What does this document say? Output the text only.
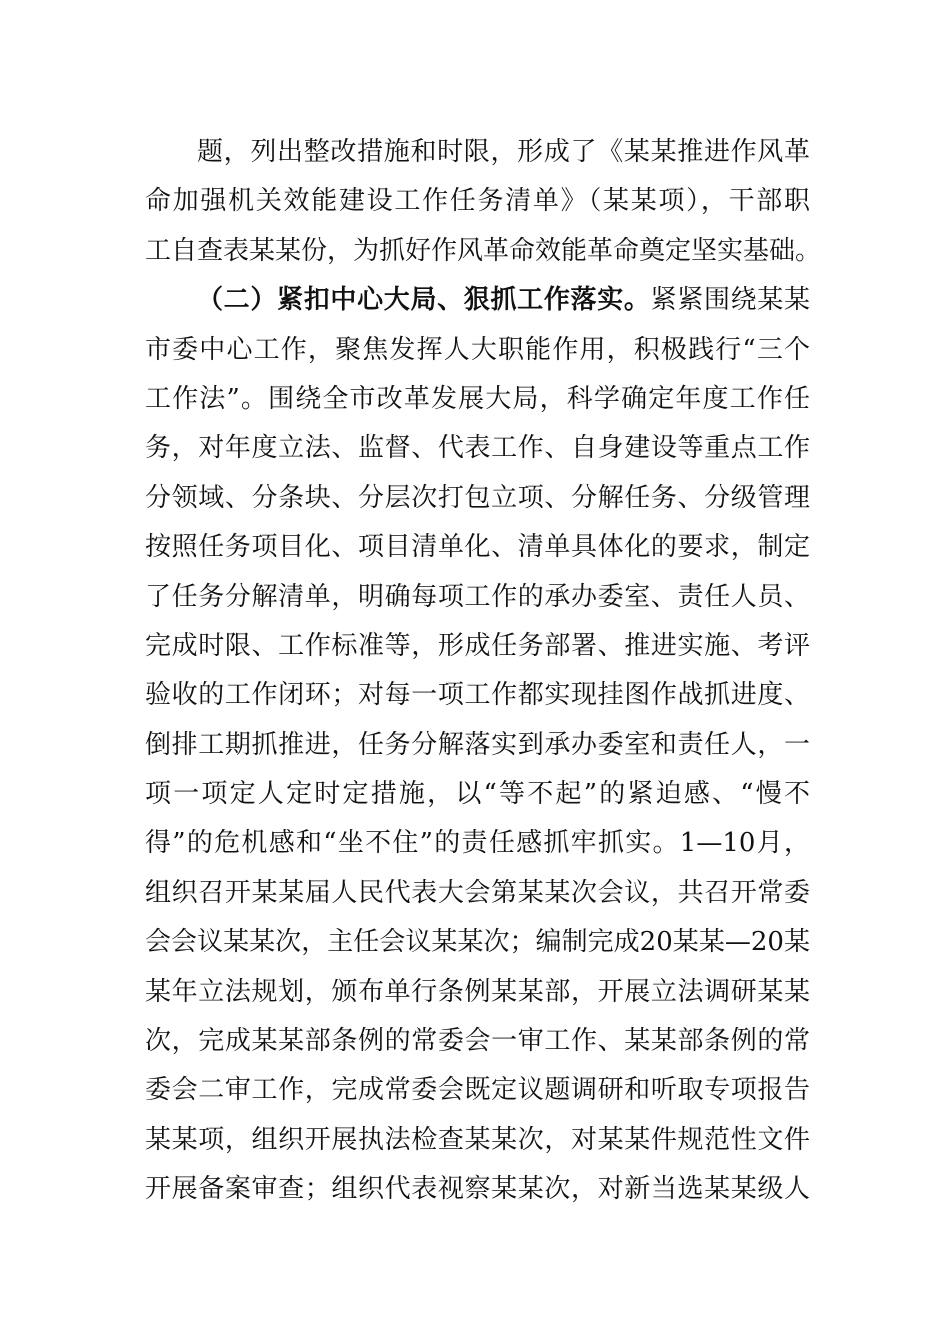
题，列出整改措施和时限，形成了《某某推进作风革
命加强机关效能建设工作任务清单》（某某项），干部职
工自查表某某份，为抓好作风革命效能革命奠定坚实基础。
（二）紧扣中心大局、狠抓工作落实。紧紧围绕某某
市委中心工作，聚焦发挥人大职能作用，积极践行“三个
工作法”。围绕全市改革发展大局，科学确定年度工作任
务，对年度立法、监督、代表工作、自身建设等重点工作
分领域、分条块、分层次打包立项、分解任务、分级管理
按照任务项目化、项目清单化、清单具体化的要求，制定
了任务分解清单，明确每项工作的承办委室、责任人员、
完成时限、工作标准等，形成任务部署、推进实施、考评
验收的工作闭环；对每一项工作都实现挂图作战抓进度、
倒排工期抓推进，任务分解落实到承办委室和责任人，一
项一项定人定时定措施，以“等不起”的紧迫感、“慢不
得”的危机感和“坐不住”的责任感抓牢抓实。1—10月，
组织召开某某届人民代表大会第某某次会议，共召开常委
会会议某某次，主任会议某某次；编制完成20某某—20某
某年立法规划，颁布单行条例某某部，开展立法调研某某
次，完成某某部条例的常委会一审工作、某某部条例的常
委会二审工作，完成常委会既定议题调研和听取专项报告
某某项，组织开展执法检查某某次，对某某件规范性文件
开展备案审查；组织代表视察某某次，对新当选某某级人
